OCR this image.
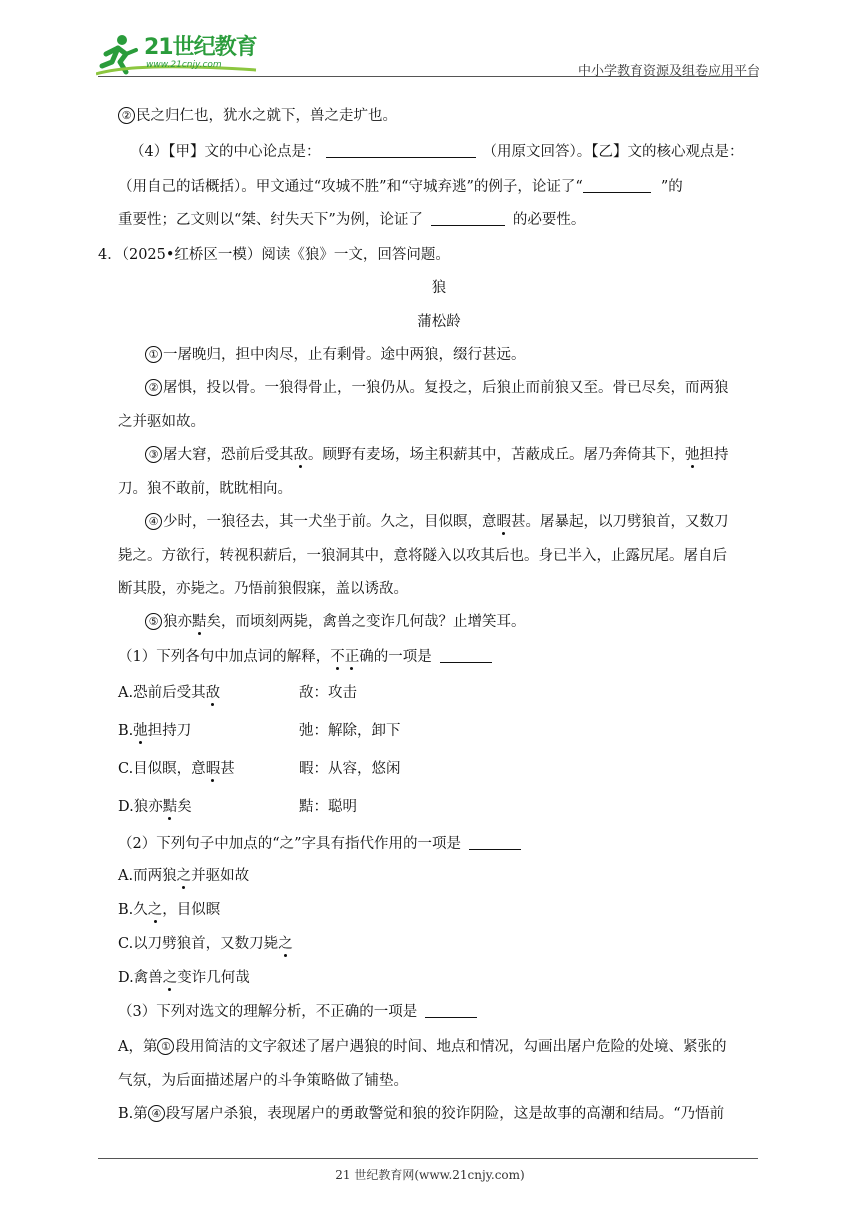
21世纪教育
www.21cnjy.com	中小学教育资源及组卷应用平台
② 民之归仁也，犹水之就下，兽之走圹也。
（4）【甲】文的中心论点是：	（用原文回答）。【乙】文的核心观点是：
（用自己的话概括）。甲文通过“攻城不胜”和“守城弃逃”的例子，论证了“	”的
重要性；乙文则以“桀、纣失天下”为例，论证了	的必要性。
4．（2025•红桥区一模）阅读《狼》一文，回答问题。
狼
蒲松龄
① 一屠晚归，担中肉尽，止有剩骨。途中两狼，缀行甚远。
② 屠惧，投以骨。一狼得骨止，一狼仍从。复投之，后狼止而前狼又至。骨已尽矣，而两狼
之并驱如故。
③ 屠大窘，恐前后受其敌。顾野有麦场，场主积薪其中，苫蔽成丘。屠乃奔倚其下，弛担持
刀。狼不敢前，眈眈相向。
④ 少时，一狼径去，其一犬坐于前。久之，目似瞑，意暇甚。屠暴起，以刀劈狼首，又数刀
毙之。方欲行，转视积薪后，一狼洞其中，意将隧入以攻其后也。身已半入，止露尻尾。屠自后
断其股，亦毙之。乃悟前狼假寐，盖以诱敌。
⑤ 狼亦黠矣，而顷刻两毙，禽兽之变诈几何哉？止增笑耳。
（1）下列各句中加点词的解释，不正确的一项是
A.恐前后受其敌	敌：攻击
B.弛担持刀	弛：解除，卸下
C.目似瞑，意暇甚	暇：从容，悠闲
D.狼亦黠矣	黠：聪明
（2）下列句子中加点的“之”字具有指代作用的一项是
A.而两狼之并驱如故
B.久之，目似瞑
C.以刀劈狼首，又数刀毙之
D.禽兽之变诈几何哉
（3）下列对选文的理解分析，不正确的一项是
A，第 ① 段用简洁的文字叙述了屠户遇狼的时间、地点和情况，勾画出屠户危险的处境、紧张的
气氛，为后面描述屠户的斗争策略做了铺垫。
B.第 ④ 段写屠户杀狼，表现屠户的勇敢警觉和狼的狡诈阴险，这是故事的高潮和结局。“乃悟前
21 世纪教育网(www.21cnjy.com)
